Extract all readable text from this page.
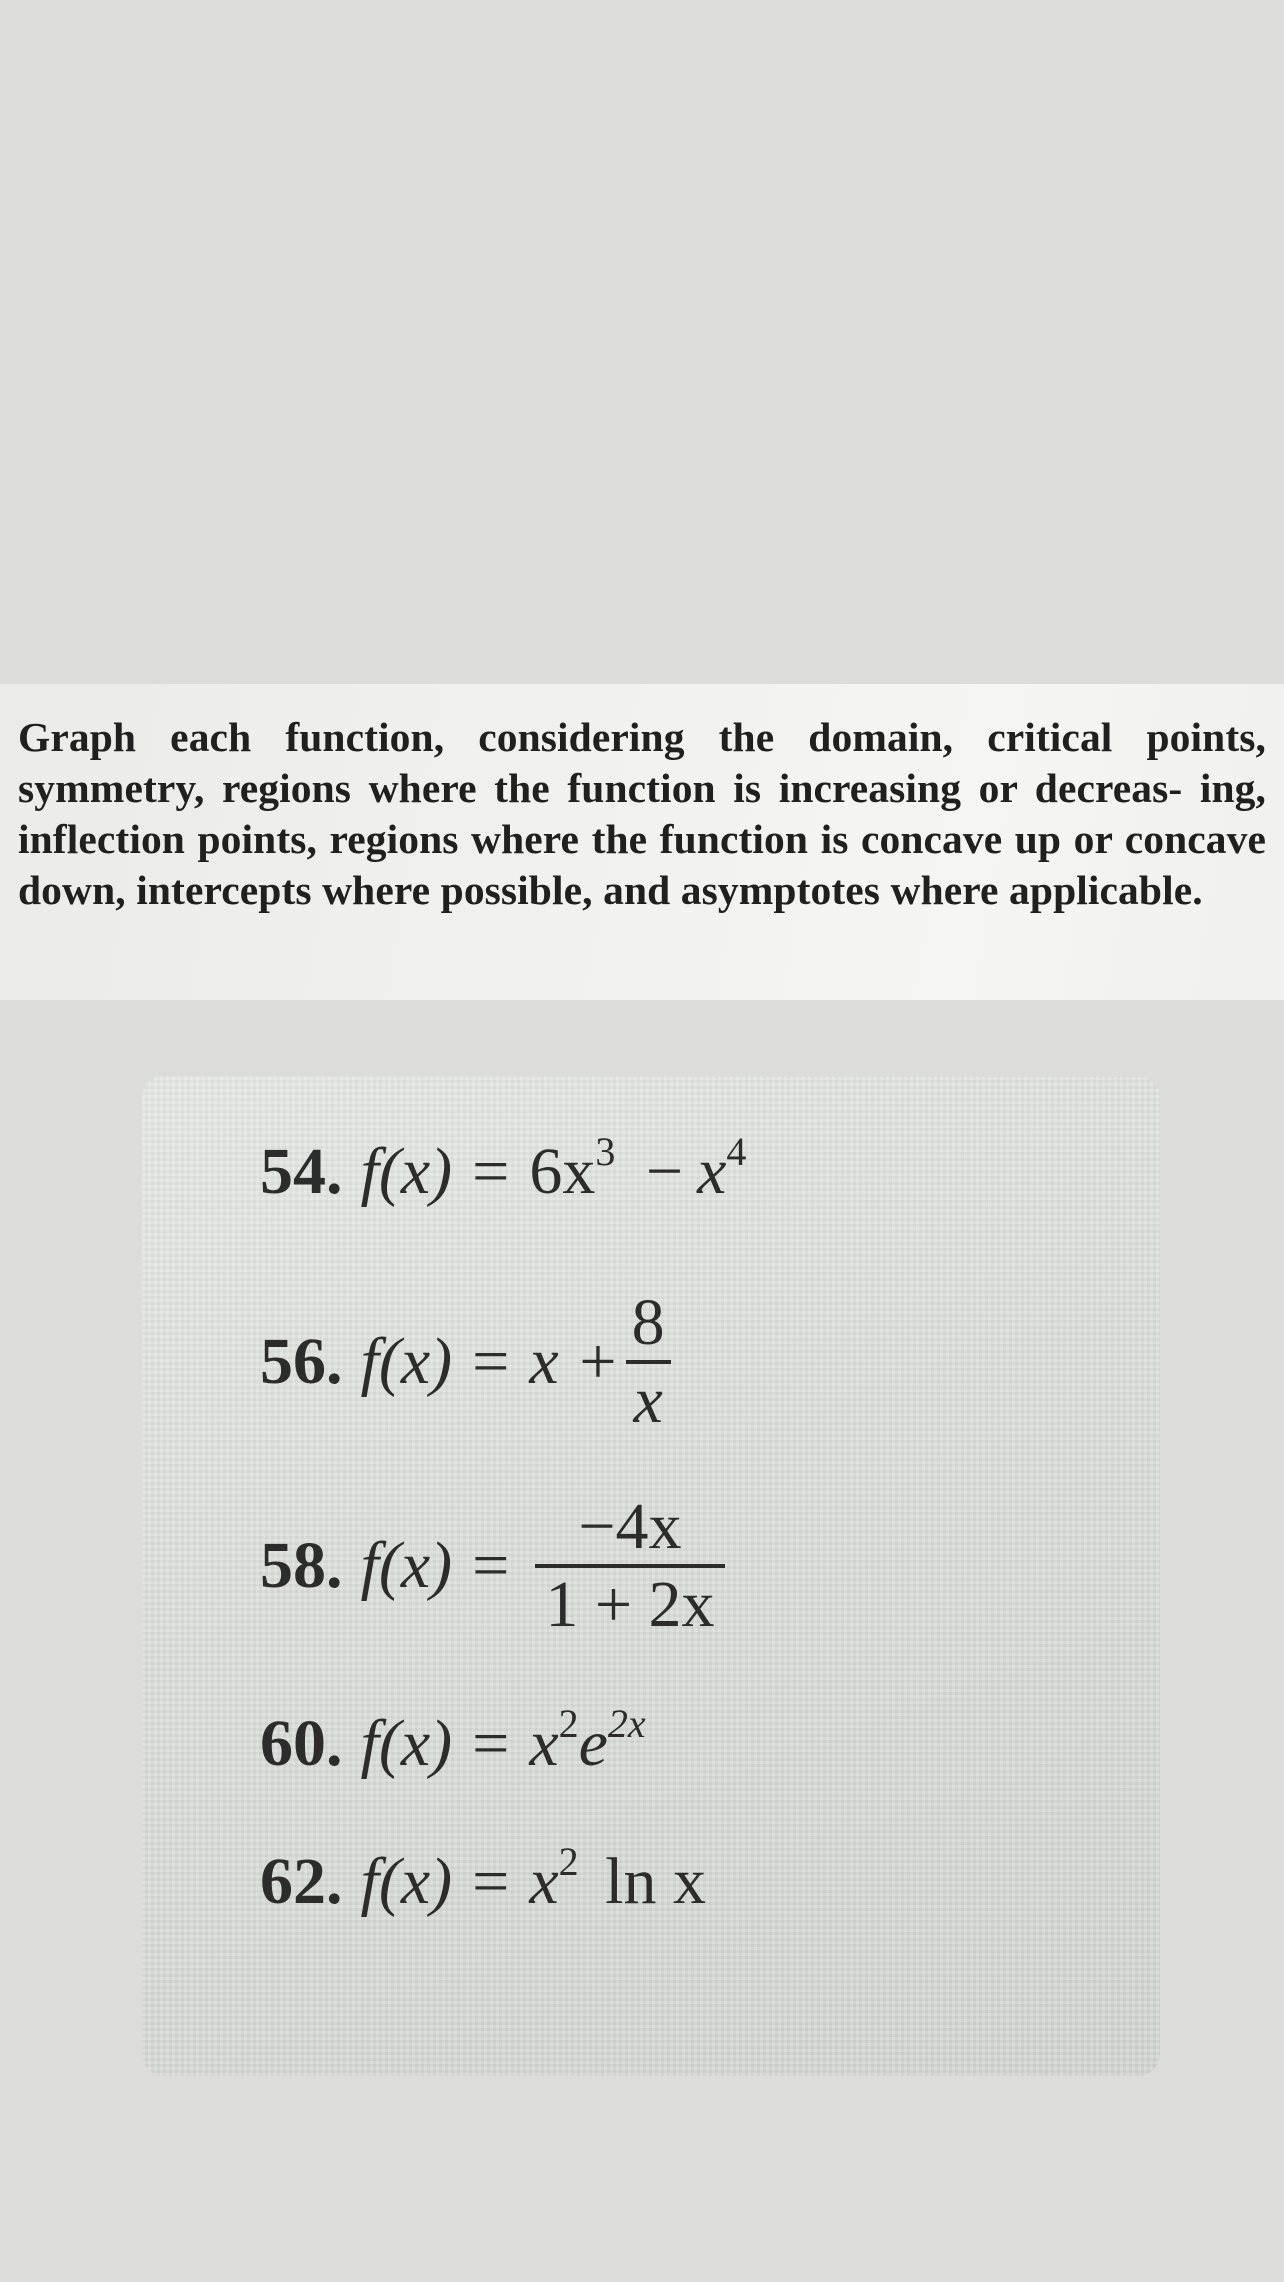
Graph each function, considering the domain, critical points, symmetry, regions where the function is increasing or decreas- ing, inflection points, regions where the function is concave up or concave down, intercepts where possible, and asymptotes where applicable.

54. $f(x) = 6x^3 - x^4$
56. $f(x) = x + \frac{8}{x}$
58. $f(x) = \frac{-4x}{1 + 2x}$
60. $f(x) = x^2e^{2x}$
62. $f(x) = x^2$ ln x
